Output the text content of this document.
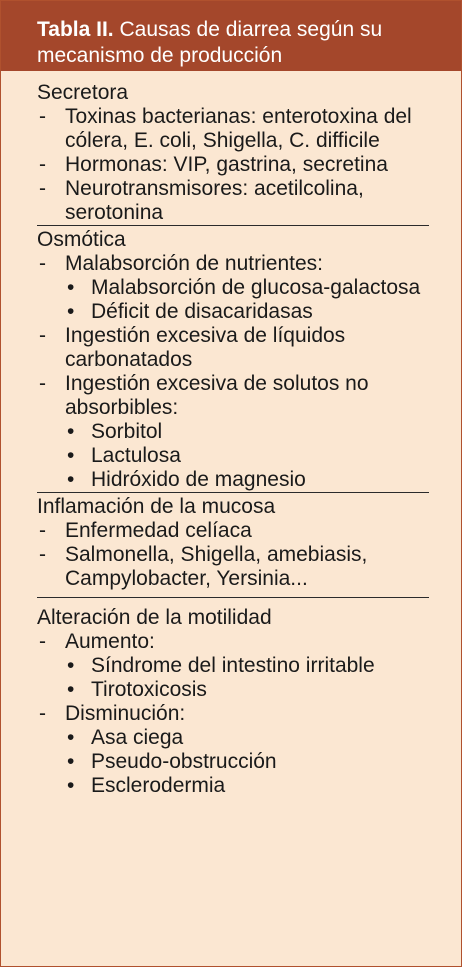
Tabla II. Causas de diarrea según su mecanismo de producción
Secretora
- Toxinas bacterianas: enterotoxina del cólera, E. coli, Shigella, C. difficile
- Hormonas: VIP, gastrina, secretina
- Neurotransmisores: acetilcolina, serotonina
Osmótica
- Malabsorción de nutrientes:
• Malabsorción de glucosa-galactosa
• Déficit de disacaridasas
- Ingestión excesiva de líquidos carbonatados
- Ingestión excesiva de solutos no absorbibles:
• Sorbitol
• Lactulosa
• Hidróxido de magnesio
Inflamación de la mucosa
- Enfermedad celíaca
- Salmonella, Shigella, amebiasis, Campylobacter, Yersinia...
Alteración de la motilidad
- Aumento:
• Síndrome del intestino irritable
• Tirotoxicosis
- Disminución:
• Asa ciega
• Pseudo-obstrucción
• Esclerodermia
